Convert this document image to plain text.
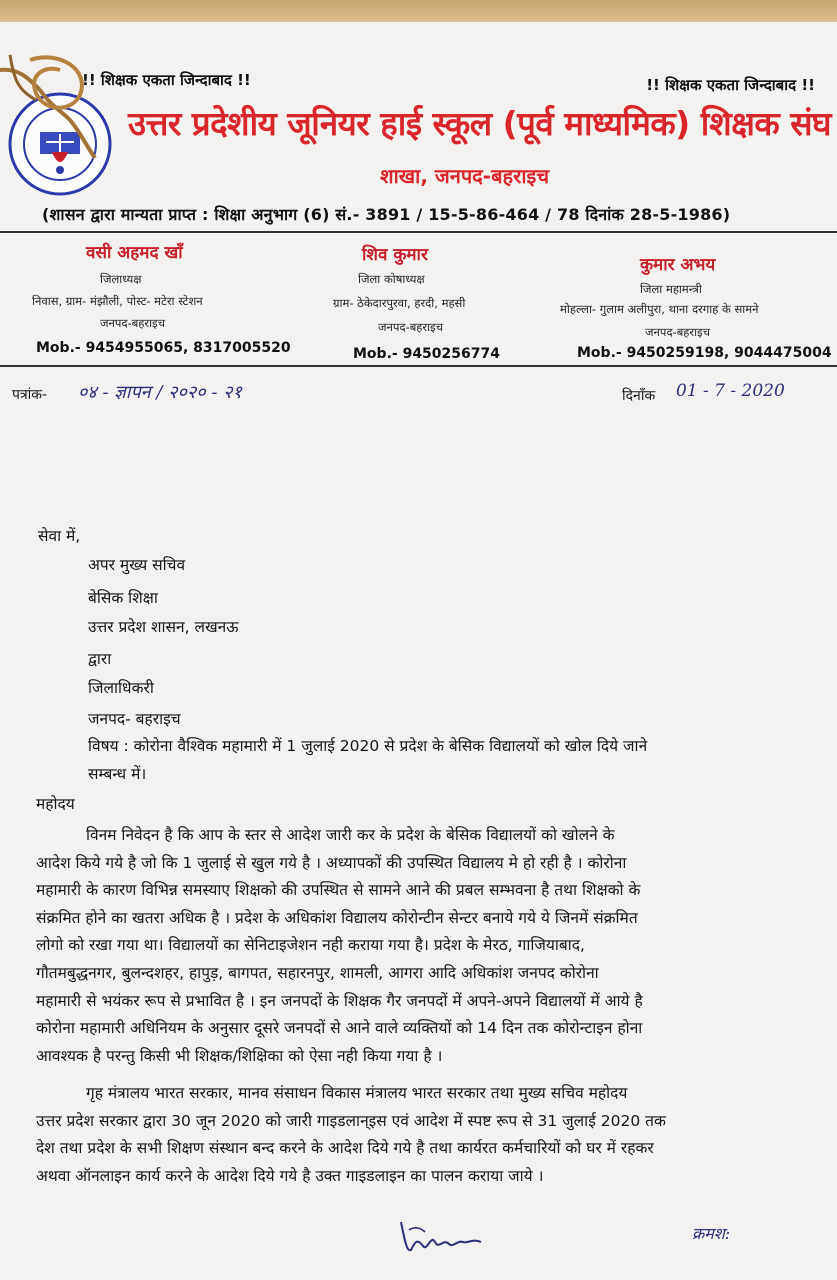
!! शिक्षक एकता जिन्दाबाद !!	!! शिक्षक एकता जिन्दाबाद !!
उत्तर प्रदेशीय जूनियर हाई स्कूल (पूर्व माध्यमिक) शिक्षक संघ
शाखा, जनपद-बहराइच
(शासन द्वारा मान्यता प्राप्त : शिक्षा अनुभाग (6) सं.- 3891 / 15-5-86-464 / 78 दिनांक 28-5-1986)
वसी अहमद खाँ
जिलाध्यक्ष
निवास, ग्राम- मंझौली, पोस्ट- मटेरा स्टेशन
जनपद-बहराइच
Mob.- 9454955065, 8317005520
शिव कुमार
जिला कोषाध्यक्ष
ग्राम- ठेकेदारपुरवा, हरदी, महसी
जनपद-बहराइच
Mob.- 9450256774
कुमार अभय
जिला महामन्त्री
मोहल्ला- गुलाम अलीपुरा, थाना दरगाह के सामने
जनपद-बहराइच
Mob.- 9450259198, 9044475004
पत्रांक- ०४ - ज्ञापन / २०२० - २१	दिनाँक 01 - 7 - 2020
सेवा में,
अपर मुख्य सचिव
बेसिक शिक्षा
उत्तर प्रदेश शासन, लखनऊ
द्वारा
जिलाधिकरी
जनपद- बहराइच
विषय : कोरोना वैश्विक महामारी में 1 जुलाई 2020 से प्रदेश के बेसिक विद्यालयों को खोल दिये जाने
सम्बन्ध में।
महोदय
विनम निवेदन है कि आप के स्तर से आदेश जारी कर के प्रदेश के बेसिक विद्यालयों को खोलने के
आदेश किये गये है जो कि 1 जुलाई से खुल गये है । अध्यापकों की उपस्थित विद्यालय मे हो रही है । कोरोना
महामारी के कारण विभिन्न समस्याए शिक्षको की उपस्थित से सामने आने की प्रबल सम्भवना है तथा शिक्षको के
संक्रमित होने का खतरा अधिक है । प्रदेश के अधिकांश विद्यालय कोरोन्टीन सेन्टर बनाये गये ये जिनमें संक्रमित
लोगो को रखा गया था। विद्यालयों का सेनिटाइजेशन नही कराया गया है। प्रदेश के मेरठ, गाजियाबाद,
गौतमबुद्धनगर, बुलन्दशहर, हापुड़, बागपत, सहारनपुर, शामली, आगरा आदि अधिकांश जनपद कोरोना
महामारी से भयंकर रूप से प्रभावित है । इन जनपदों के शिक्षक गैर जनपदों में अपने-अपने विद्यालयों में आये है
कोरोना महामारी अधिनियम के अनुसार दूसरे जनपदों से आने वाले व्यक्तियों को 14 दिन तक कोरोन्टाइन होना
आवश्यक है परन्तु किसी भी शिक्षक/शिक्षिका को ऐसा नही किया गया है ।
गृह मंत्रालय भारत सरकार, मानव संसाधन विकास मंत्रालय भारत सरकार तथा मुख्य सचिव महोदय
उत्तर प्रदेश सरकार द्वारा 30 जून 2020 को जारी गाइडलान्इस एवं आदेश में स्पष्ट रूप से 31 जुलाई 2020 तक
देश तथा प्रदेश के सभी शिक्षण संस्थान बन्द करने के आदेश दिये गये है तथा कार्यरत कर्मचारियों को घर में रहकर
अथवा ऑनलाइन कार्य करने के आदेश दिये गये है उक्त गाइडलाइन का पालन कराया जाये ।
क्रमश:
